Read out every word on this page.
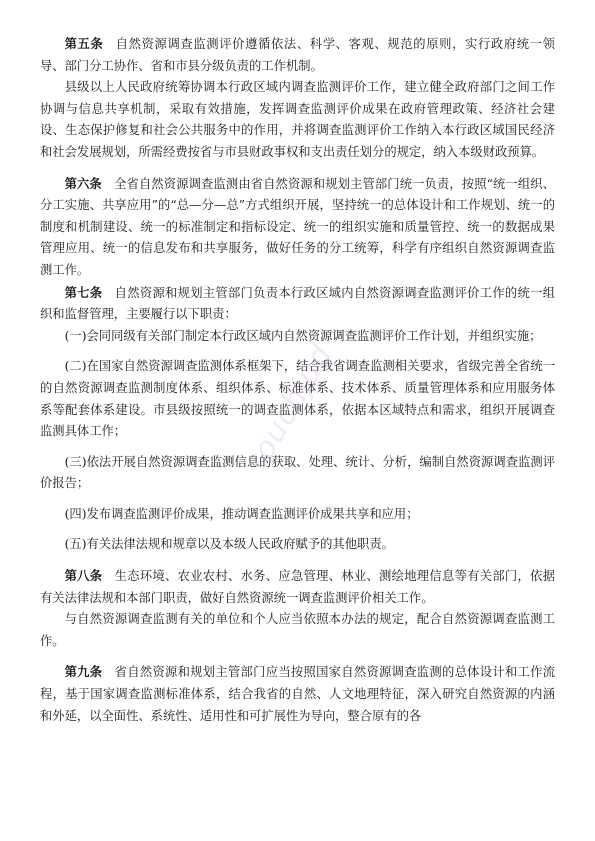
第五条 自然资源调查监测评价遵循依法、科学、客观、规范的原则，实行政府统一领导、部门分工协作、省和市县分级负责的工作机制。

县级以上人民政府统筹协调本行政区域内调查监测评价工作，建立健全政府部门之间工作协调与信息共享机制，采取有效措施，发挥调查监测评价成果在政府管理政策、经济社会建设、生态保护修复和社会公共服务中的作用，并将调查监测评价工作纳入本行政区域国民经济和社会发展规划，所需经费按省与市县财政事权和支出责任划分的规定，纳入本级财政预算。

第六条 全省自然资源调查监测由省自然资源和规划主管部门统一负责，按照“统一组织、分工实施、共享应用”的“总—分—总”方式组织开展，坚持统一的总体设计和工作规划、统一的制度和机制建设、统一的标准制定和指标设定、统一的组织实施和质量管控、统一的数据成果管理应用、统一的信息发布和共享服务，做好任务的分工统筹，科学有序组织自然资源调查监测工作。

第七条 自然资源和规划主管部门负责本行政区域内自然资源调查监测评价工作的统一组织和监督管理，主要履行以下职责：

(一)会同同级有关部门制定本行政区域内自然资源调查监测评价工作计划，并组织实施；

(二)在国家自然资源调查监测体系框架下，结合我省调查监测相关要求，省级完善全省统一的自然资源调查监测制度体系、组织体系、标准体系、技术体系、质量管理体系和应用服务体系等配套体系建设。市县级按照统一的调查监测体系，依据本区域特点和需求，组织开展调查监测具体工作；

(三)依法开展自然资源调查监测信息的获取、处理、统计、分析，编制自然资源调查监测评价报告；

(四)发布调查监测评价成果，推动调查监测评价成果共享和应用；

(五)有关法律法规和规章以及本级人民政府赋予的其他职责。

第八条 生态环境、农业农村、水务、应急管理、林业、测绘地理信息等有关部门，依据有关法律法规和本部门职责，做好自然资源统一调查监测评价相关工作。

与自然资源调查监测有关的单位和个人应当依照本办法的规定，配合自然资源调查监测工作。

第九条 省自然资源和规划主管部门应当按照国家自然资源调查监测的总体设计和工作流程，基于国家调查监测标准体系，结合我省的自然、人文地理特征，深入研究自然资源的内涵和外延，以全面性、系统性、适用性和可扩展性为导向，整合原有的各

touchjud
